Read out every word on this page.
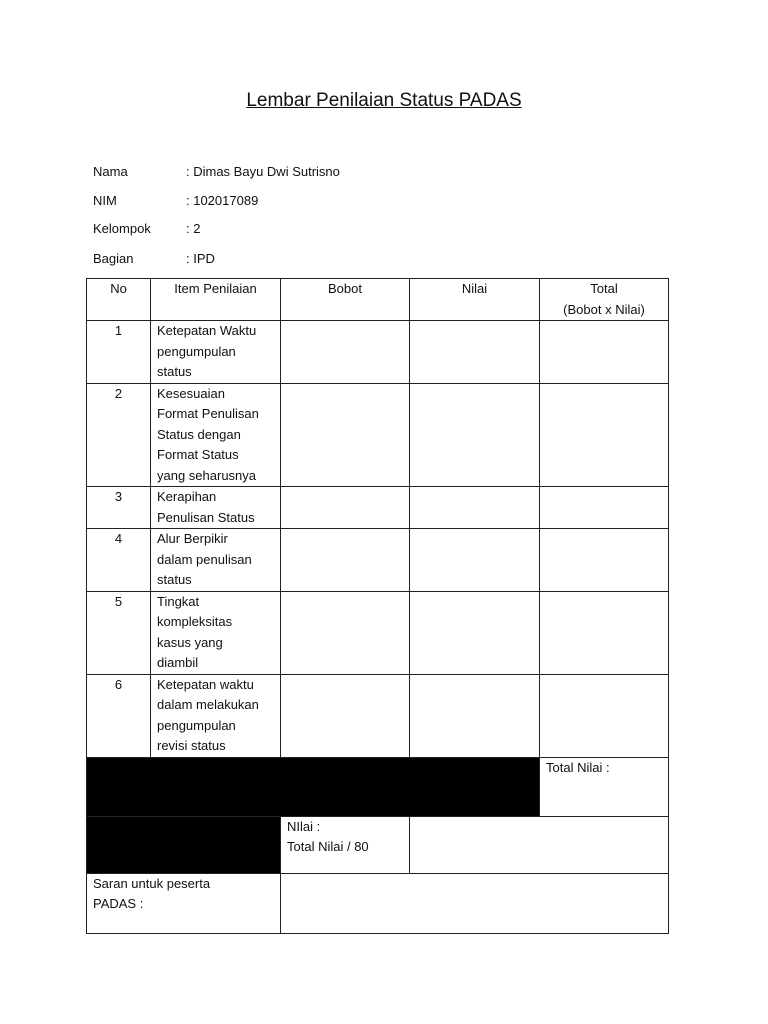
Lembar Penilaian Status PADAS
Nama	: Dimas Bayu Dwi Sutrisno
NIM	: 102017089
Kelompok	: 2
Bagian	: IPD
No	Item Penilaian	Bobot	Nilai	Total
(Bobot x Nilai)

1	Ketepatan Waktu
pengumpulan
status			

2	Kesesuaian
Format Penulisan
Status dengan
Format Status
yang seharusnya			

3	Kerapihan
Penulisan Status			

4	Alur Berpikir
dalam penulisan
status			

5	Tingkat
kompleksitas
kasus yang
diambil			

6	Ketepatan waktu
dalam melakukan
pengumpulan
revisi status			

				Total Nilai :

		NIlai :
Total Nilai / 80		

Saran untuk peserta
PADAS :				
